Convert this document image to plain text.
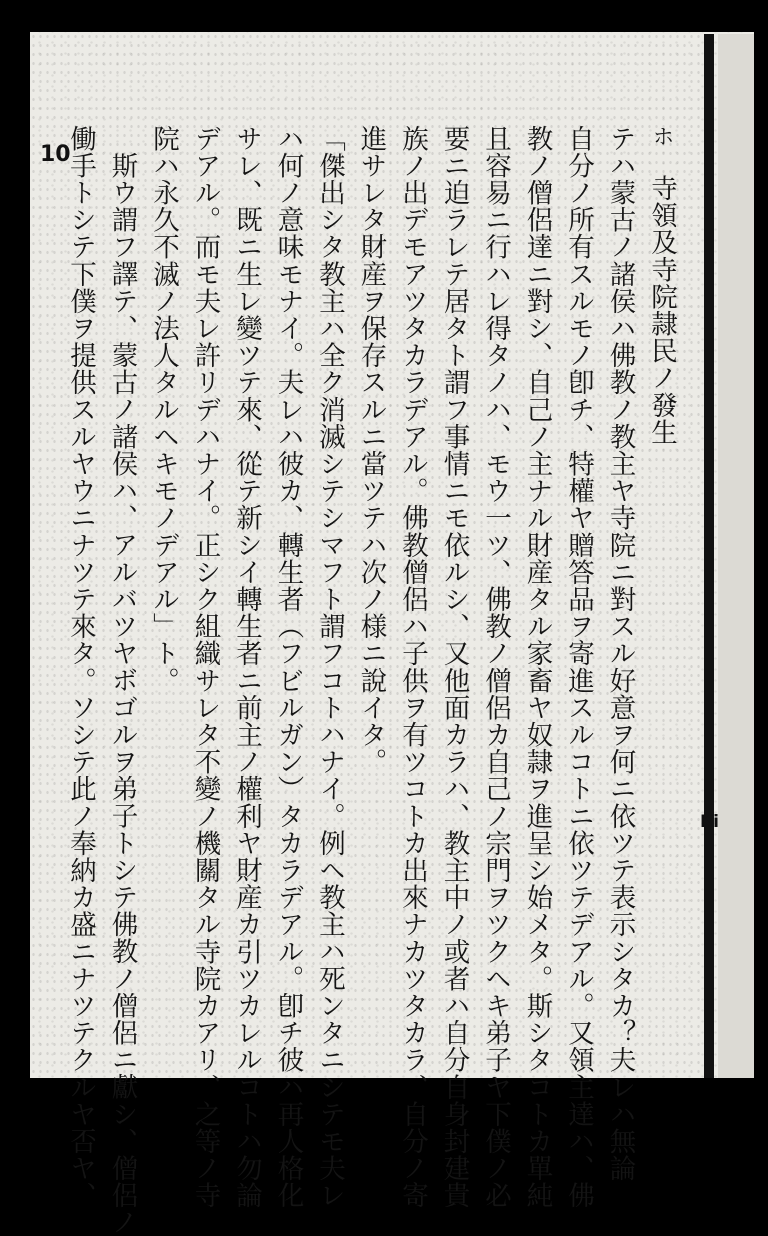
10

ホ　寺領及寺院隷民ノ發生

テハ蒙古ノ諸侯ハ佛教ノ教主ヤ寺院ニ對スル好意ヲ何ニ依ツテ表示シタカ？夫レハ無論

自分ノ所有スルモノ卽チ、特權ヤ贈答品ヲ寄進スルコトニ依ツテデアル。又領主達ハ、佛

教ノ僧侶達ニ對シ、自己ノ主ナル財産タル家畜ヤ奴隷ヲ進呈シ始メタ。斯シタコトカ單純

且容易ニ行ハレ得タノハ、モウ一ツ、佛教ノ僧侶カ自己ノ宗門ヲツクヘキ弟子ヤ下僕ノ必

要ニ迫ラレテ居タト謂フ事情ニモ依ルシ、又他面カラハ、教主中ノ或者ハ自分自身封建貴

族ノ出デモアツタカラデアル。佛教僧侶ハ子供ヲ有ツコトカ出來ナカツタカラ、自分ノ寄

進サレタ財産ヲ保存スルニ當ツテハ次ノ様ニ說イタ。

「傑出シタ教主ハ全ク消滅シテシマフト謂フコトハナイ。例ヘ教主ハ死ンタニシテモ夫レ

ハ何ノ意味モナイ。夫レハ彼カ、轉生者（フビルガン）タカラデアル。卽チ彼ハ再人格化

サレ、既ニ生レ變ツテ來、從テ新シイ轉生者ニ前主ノ權利ヤ財産カ引ツカレルコトハ勿論

デアル。而モ夫レ許リデハナイ。正シク組織サレタ不變ノ機關タル寺院カアリ、之等ノ寺

院ハ永久不滅ノ法人タルヘキモノデアル」ト。

斯ウ謂フ譯テ、蒙古ノ諸侯ハ、アルバツヤボゴルヲ弟子トシテ佛教ノ僧侶ニ獻シ、僧侶ノ

働手トシテ下僕ヲ提供スルヤウニナツテ來タ。ソシテ此ノ奉納カ盛ニナツテクルヤ否ヤ、	Ki
